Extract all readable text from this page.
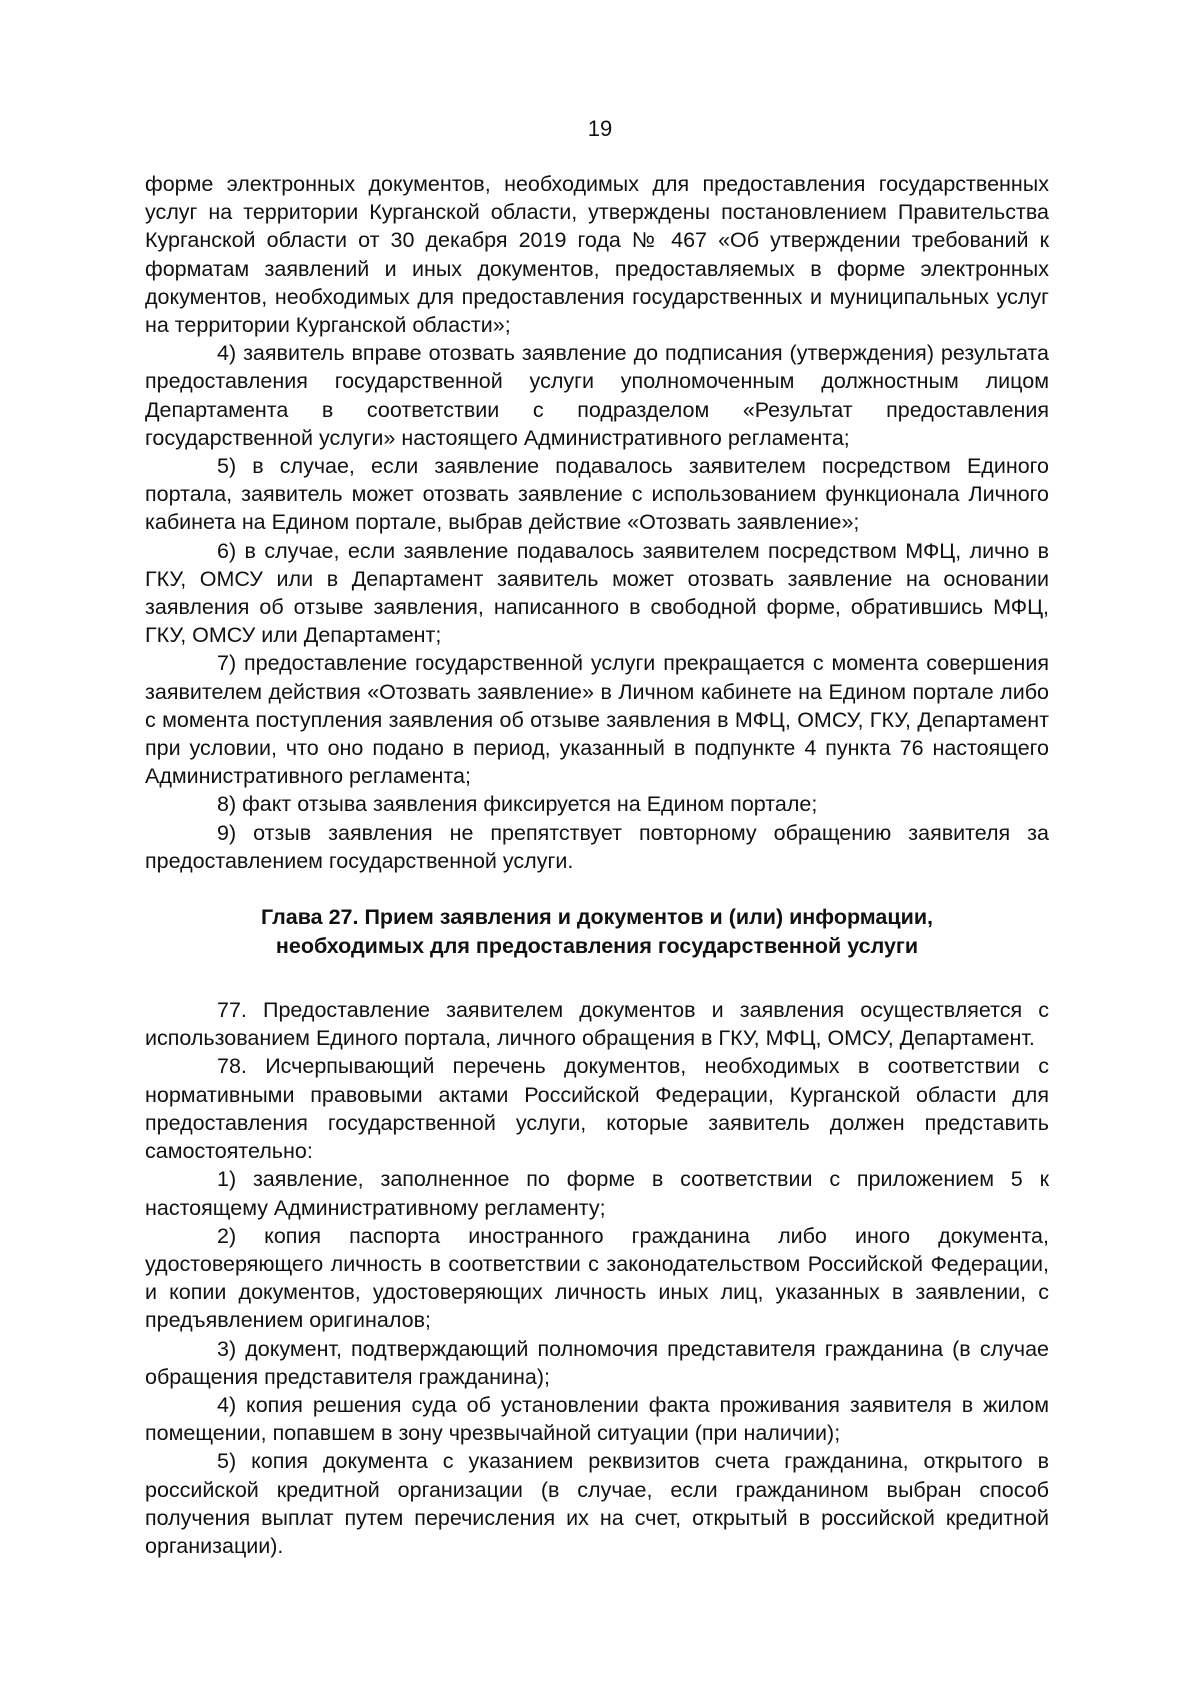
19

форме электронных документов, необходимых для предоставления государственных услуг на территории Курганской области, утверждены постановлением Правительства Курганской области от 30 декабря 2019 года № 467 «Об утверждении требований к форматам заявлений и иных документов, предоставляемых в форме электронных документов, необходимых для предоставления государственных и муниципальных услуг на территории Курганской области»;

4) заявитель вправе отозвать заявление до подписания (утверждения) результата предоставления государственной услуги уполномоченным должностным лицом Департамента в соответствии с подразделом «Результат предоставления государственной услуги» настоящего Административного регламента;

5) в случае, если заявление подавалось заявителем посредством Единого портала, заявитель может отозвать заявление с использованием функционала Личного кабинета на Едином портале, выбрав действие «Отозвать заявление»;

6) в случае, если заявление подавалось заявителем посредством МФЦ, лично в ГКУ, ОМСУ или в Департамент заявитель может отозвать заявление на основании заявления об отзыве заявления, написанного в свободной форме, обратившись МФЦ, ГКУ, ОМСУ или Департамент;

7) предоставление государственной услуги прекращается с момента совершения заявителем действия «Отозвать заявление» в Личном кабинете на Едином портале либо с момента поступления заявления об отзыве заявления в МФЦ, ОМСУ, ГКУ, Департамент при условии, что оно подано в период, указанный в подпункте 4 пункта 76 настоящего Административного регламента;

8) факт отзыва заявления фиксируется на Едином портале;

9) отзыв заявления не препятствует повторному обращению заявителя за предоставлением государственной услуги.

Глава 27. Прием заявления и документов и (или) информации,
необходимых для предоставления государственной услуги

77. Предоставление заявителем документов и заявления осуществляется с использованием Единого портала, личного обращения в ГКУ, МФЦ, ОМСУ, Департамент.

78. Исчерпывающий перечень документов, необходимых в соответствии с нормативными правовыми актами Российской Федерации, Курганской области для предоставления государственной услуги, которые заявитель должен представить самостоятельно:

1) заявление, заполненное по форме в соответствии с приложением 5 к настоящему Административному регламенту;

2) копия паспорта иностранного гражданина либо иного документа, удостоверяющего личность в соответствии с законодательством Российской Федерации, и копии документов, удостоверяющих личность иных лиц, указанных в заявлении, с предъявлением оригиналов;

3) документ, подтверждающий полномочия представителя гражданина (в случае обращения представителя гражданина);

4) копия решения суда об установлении факта проживания заявителя в жилом помещении, попавшем в зону чрезвычайной ситуации (при наличии);

5) копия документа с указанием реквизитов счета гражданина, открытого в российской кредитной организации (в случае, если гражданином выбран способ получения выплат путем перечисления их на счет, открытый в российской кредитной организации).
